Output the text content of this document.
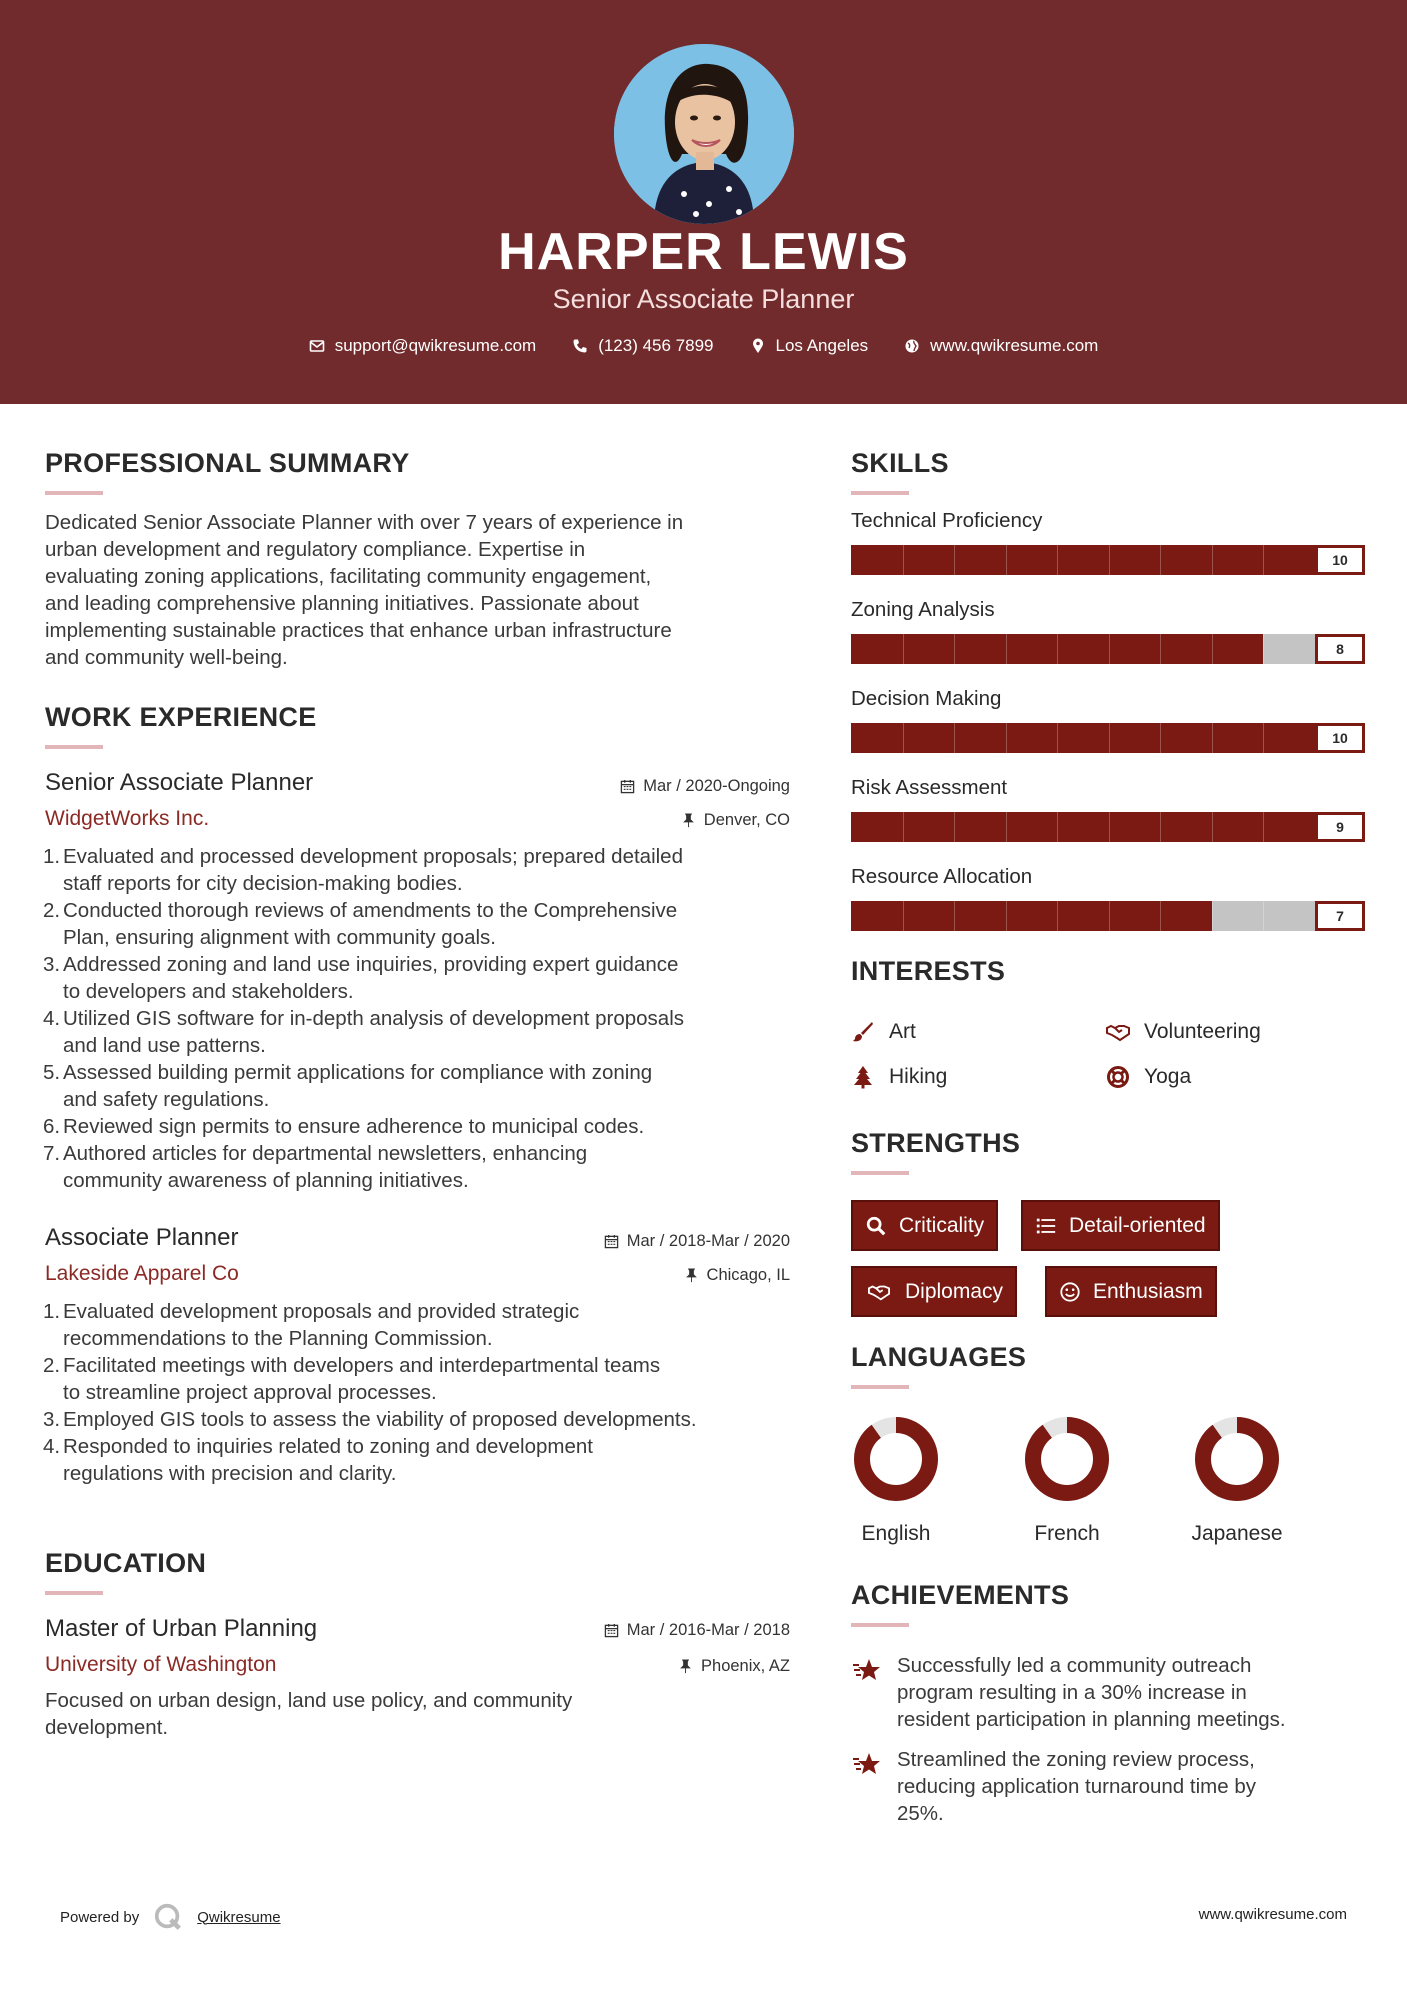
HARPER LEWIS
Senior Associate Planner
support@qwikresume.com	(123) 456 7899	Los Angeles	www.qwikresume.com
PROFESSIONAL SUMMARY
Dedicated Senior Associate Planner with over 7 years of experience in
urban development and regulatory compliance. Expertise in
evaluating zoning applications, facilitating community engagement,
and leading comprehensive planning initiatives. Passionate about
implementing sustainable practices that enhance urban infrastructure
and community well-being.
WORK EXPERIENCE
Senior Associate Planner	Mar / 2020-Ongoing
WidgetWorks Inc.	Denver, CO
1. Evaluated and processed development proposals; prepared detailed
staff reports for city decision-making bodies.
2. Conducted thorough reviews of amendments to the Comprehensive
Plan, ensuring alignment with community goals.
3. Addressed zoning and land use inquiries, providing expert guidance
to developers and stakeholders.
4. Utilized GIS software for in-depth analysis of development proposals
and land use patterns.
5. Assessed building permit applications for compliance with zoning
and safety regulations.
6. Reviewed sign permits to ensure adherence to municipal codes.
7. Authored articles for departmental newsletters, enhancing
community awareness of planning initiatives.
Associate Planner	Mar / 2018-Mar / 2020
Lakeside Apparel Co	Chicago, IL
1. Evaluated development proposals and provided strategic
recommendations to the Planning Commission.
2. Facilitated meetings with developers and interdepartmental teams
to streamline project approval processes.
3. Employed GIS tools to assess the viability of proposed developments.
4. Responded to inquiries related to zoning and development
regulations with precision and clarity.
EDUCATION
Master of Urban Planning	Mar / 2016-Mar / 2018
University of Washington	Phoenix, AZ
Focused on urban design, land use policy, and community
development.
SKILLS
Technical Proficiency
10
Zoning Analysis
8
Decision Making
10
Risk Assessment
9
Resource Allocation
7
INTERESTS
Art	Volunteering
Hiking	Yoga
STRENGTHS
Criticality	Detail-oriented
Diplomacy	Enthusiasm
LANGUAGES
English	French	Japanese
ACHIEVEMENTS
Successfully led a community outreach
program resulting in a 30% increase in
resident participation in planning meetings.
Streamlined the zoning review process,
reducing application turnaround time by
25%.
Powered by	Qwikresume	www.qwikresume.com
